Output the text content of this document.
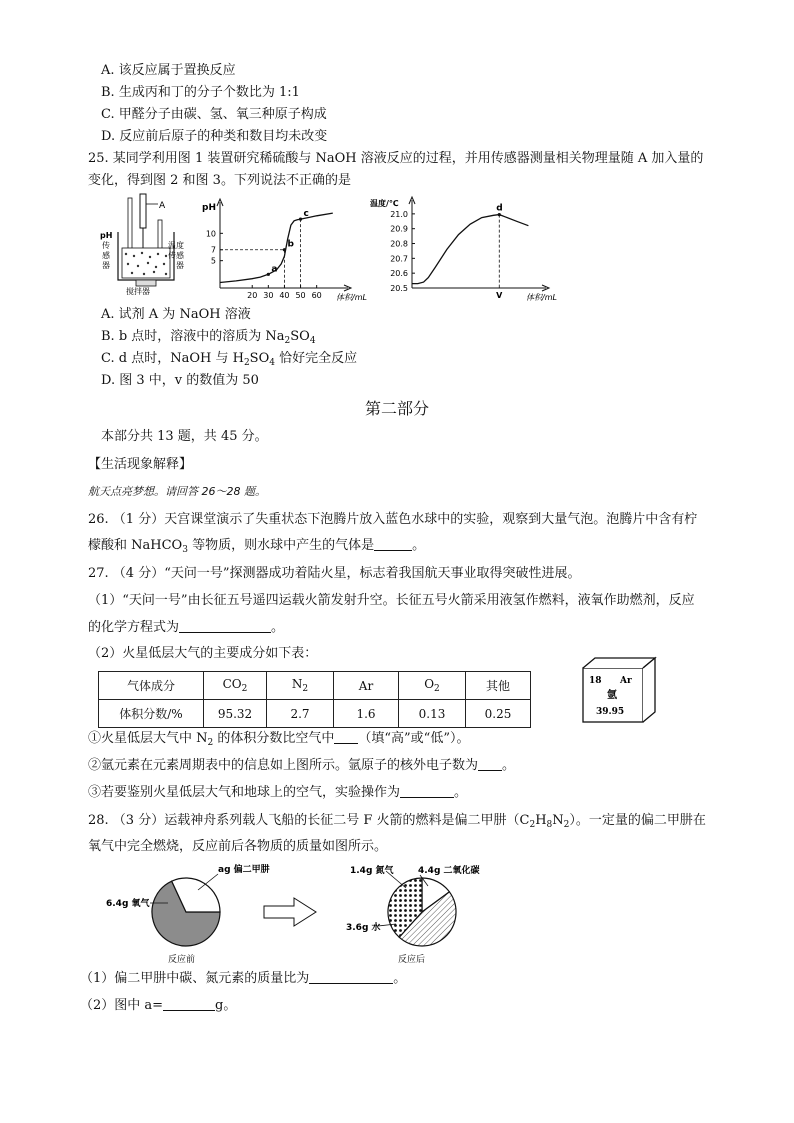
A. 该反应属于置换反应
B. 生成丙和丁的分子个数比为 1:1
C. 甲醛分子由碳、氢、氧三种原子构成
D. 反应前后原子的种类和数目均未改变
25. 某同学利用图 1 装置研究稀硫酸与 NaOH 溶液反应的过程，并用传感器测量相关物理量随 A 加入量的
变化，得到图 2 和图 3。下列说法不正确的是
A
pH
传
感
器
温度
传感
器
搅拌器
pH
体积/mL
20 30 40 50 60
5
7
10
a
b
c
温度/℃
体积/mL
20.5
20.6
20.7
20.8
20.9
21.0
V
d
A. 试剂 A 为 NaOH 溶液
B. b 点时，溶液中的溶质为 $Na_2SO_4$
C. d 点时，NaOH 与 $H_2SO_4$ 恰好完全反应
D. 图 3 中，v 的数值为 50
第二部分
本部分共 13 题，共 45 分。
【生活现象解释】
航天点亮梦想。请回答 26～28 题。
26. （1 分）天宫课堂演示了失重状态下泡腾片放入蓝色水球中的实验，观察到大量气泡。泡腾片中含有柠
檬酸和 NaHCO$_3$ 等物质，则水球中产生的气体是	。
27. （4 分）“天问一号”探测器成功着陆火星，标志着我国航天事业取得突破性进展。
（1）“天问一号”由长征五号遥四运载火箭发射升空。长征五号火箭采用液氢作燃料，液氧作助燃剂，反应
的化学方程式为	。
（2）火星低层大气的主要成分如下表：
气体成分	$CO_2$	$N_2$	Ar	$O_2$	其他
体积分数/%	95.32	2.7	1.6	0.13	0.25
18 Ar
氩
39.95
①火星低层大气中 $N_2$ 的体积分数比空气中 （填“高”或“低”）。
②氩元素在元素周期表中的信息如上图所示。氩原子的核外电子数为 。
③若要鉴别火星低层大气和地球上的空气，实验操作为	。
28. （3 分）运载神舟系列载人飞船的长征二号 F 火箭的燃料是偏二甲肼$(C_2H_8N_2)$。一定量的偏二甲肼在
氧气中完全燃烧，反应前后各物质的质量如图所示。
6.4g 氧气
ag 偏二甲肼
反应前
1.4g 氮气	4.4g 二氧化碳
3.6g 水
反应后
（1）偏二甲肼中碳、氮元素的质量比为	。
（2）图中 a=	g。
